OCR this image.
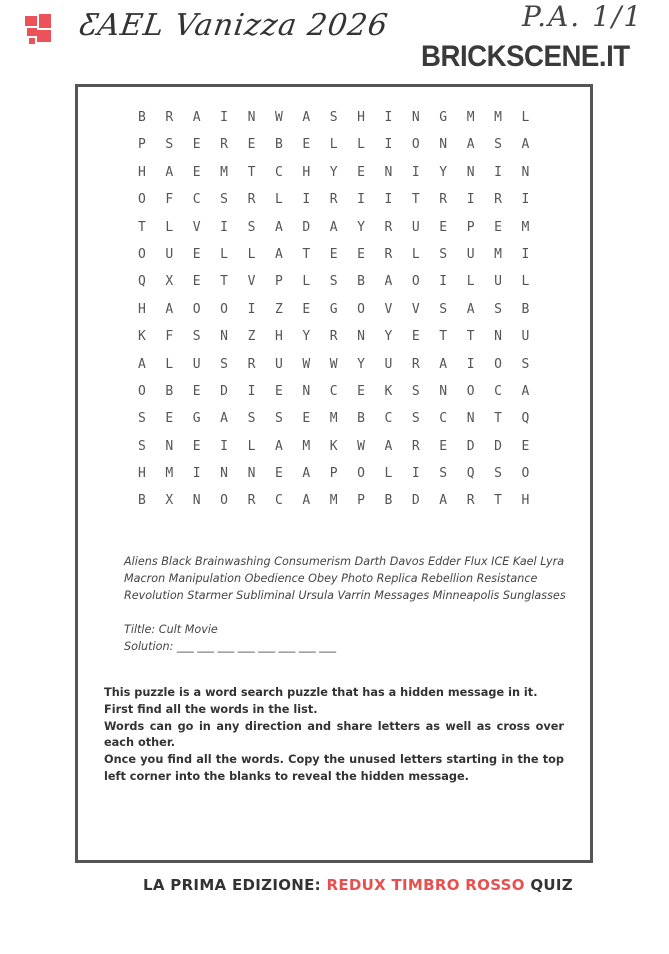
ƸAEL Vanizza 2026	P.A. 1/1
BRICKSCENE.IT
B	R	A	I	N	W	A	S	H	I	N	G	M	M	L
P	S	E	R	E	B	E	L	L	I	O	N	A	S	A
H	A	E	M	T	C	H	Y	E	N	I	Y	N	I	N
O	F	C	S	R	L	I	R	I	I	T	R	I	R	I
T	L	V	I	S	A	D	A	Y	R	U	E	P	E	M
O	U	E	L	L	A	T	E	E	R	L	S	U	M	I
Q	X	E	T	V	P	L	S	B	A	O	I	L	U	L
H	A	O	O	I	Z	E	G	O	V	V	S	A	S	B
K	F	S	N	Z	H	Y	R	N	Y	E	T	T	N	U
A	L	U	S	R	U	W	W	Y	U	R	A	I	O	S
O	B	E	D	I	E	N	C	E	K	S	N	O	C	A
S	E	G	A	S	S	E	M	B	C	S	C	N	T	Q
S	N	E	I	L	A	M	K	W	A	R	E	D	D	E
H	M	I	N	N	E	A	P	O	L	I	S	Q	S	O
B	X	N	O	R	C	A	M	P	B	D	A	R	T	H
Aliens Black Brainwashing Consumerism Darth Davos Edder Flux ICE Kael Lyra Macron Manipulation Obedience Obey Photo Replica Rebellion Resistance Revolution Starmer Subliminal Ursula Varrin Messages Minneapolis Sunglasses
Tiltle: Cult Movie
Solution: ___ ___ ___ ___ ___ ___ ___ ___

This puzzle is a word search puzzle that has a hidden message in it.

First find all the words in the list.

Words can go in any direction and share letters as well as cross over each other.

Once you find all the words. Copy the unused letters starting in the top left corner into the blanks to reveal the hidden message.

LA PRIMA EDIZIONE: REDUX TIMBRO ROSSO QUIZ
